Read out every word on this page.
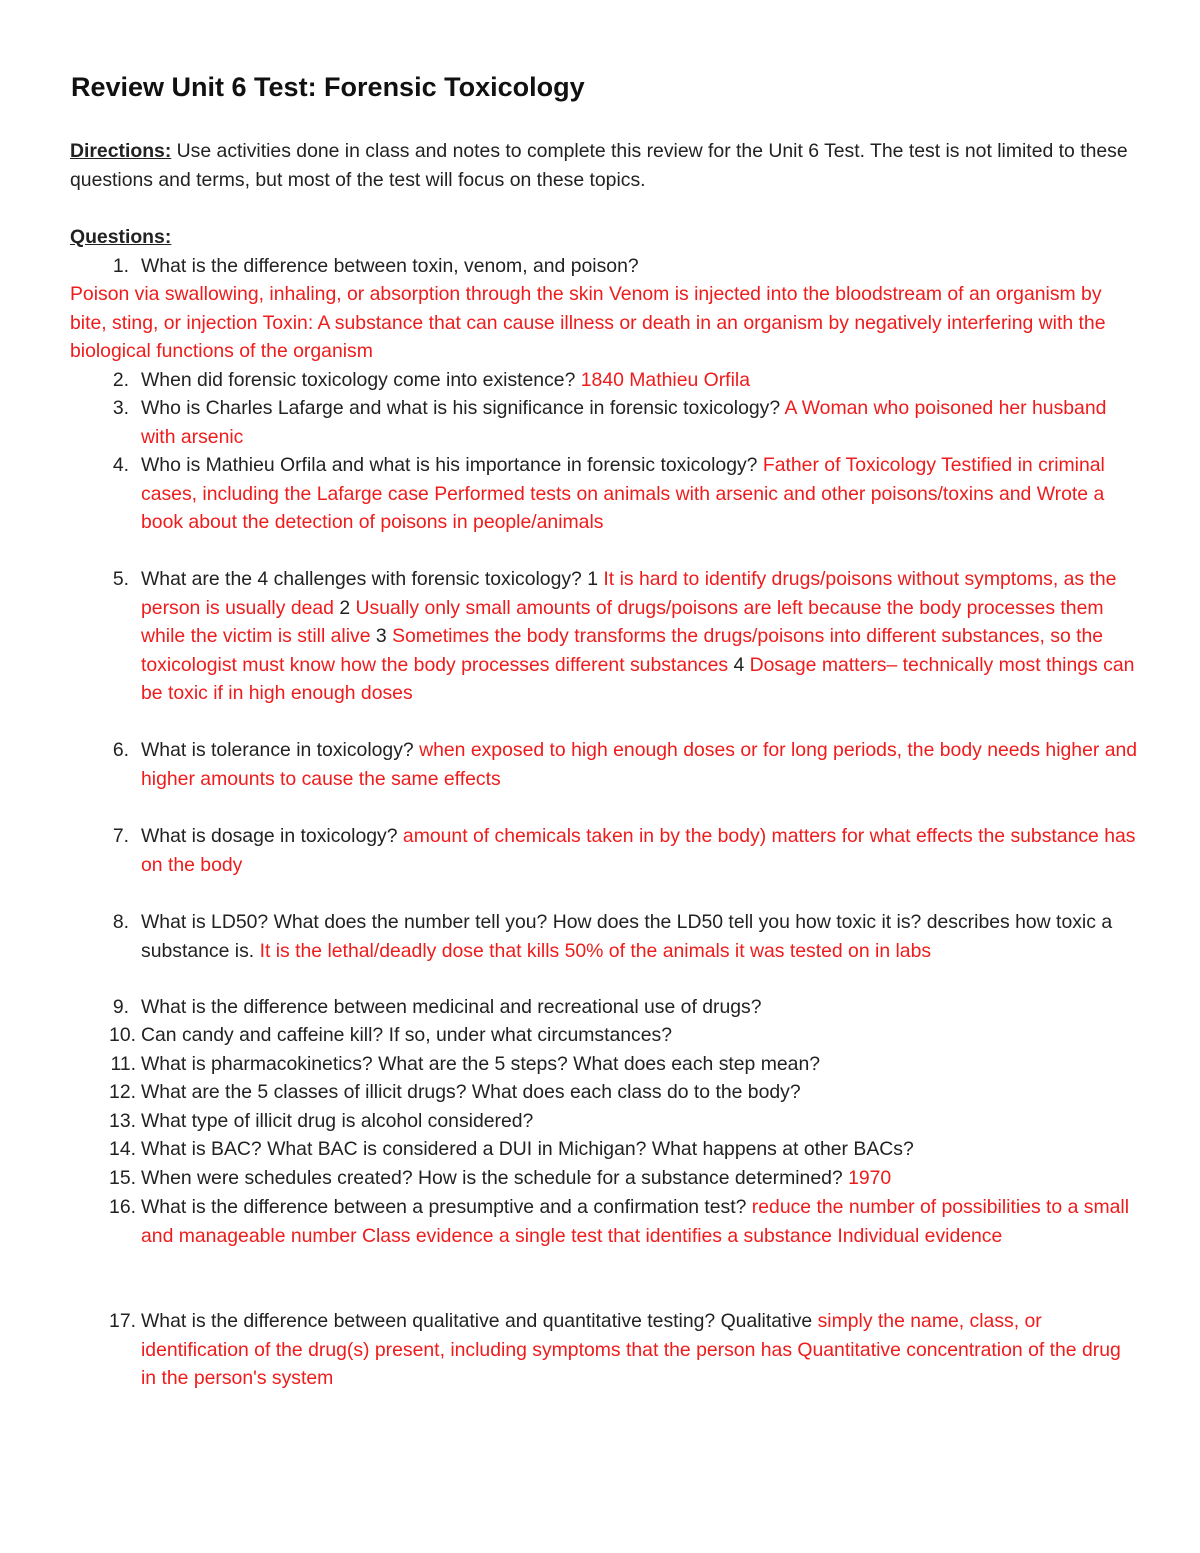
Review Unit 6 Test: Forensic Toxicology

Directions: Use activities done in class and notes to complete this review for the Unit 6 Test. The test is not limited to these questions and terms, but most of the test will focus on these topics.

Questions:

1. What is the difference between toxin, venom, and poison?

Poison via swallowing, inhaling, or absorption through the skin Venom is injected into the bloodstream of an organism by bite, sting, or injection Toxin: A substance that can cause illness or death in an organism by negatively interfering with the biological functions of the organism

2. When did forensic toxicology come into existence? 1840 Mathieu Orfila
3. Who is Charles Lafarge and what is his significance in forensic toxicology? A Woman who poisoned her husband with arsenic
4. Who is Mathieu Orfila and what is his importance in forensic toxicology? Father of Toxicology Testified in criminal cases, including the Lafarge case Performed tests on animals with arsenic and other poisons/toxins and Wrote a book about the detection of poisons in people/animals
5. What are the 4 challenges with forensic toxicology? 1 It is hard to identify drugs/poisons without symptoms, as the person is usually dead 2 Usually only small amounts of drugs/poisons are left because the body processes them while the victim is still alive 3 Sometimes the body transforms the drugs/poisons into different substances, so the toxicologist must know how the body processes different substances 4 Dosage matters– technically most things can be toxic if in high enough doses
6. What is tolerance in toxicology? when exposed to high enough doses or for long periods, the body needs higher and higher amounts to cause the same effects
7. What is dosage in toxicology? amount of chemicals taken in by the body) matters for what effects the substance has on the body
8. What is LD50? What does the number tell you? How does the LD50 tell you how toxic it is? describes how toxic a substance is. It is the lethal/deadly dose that kills 50% of the animals it was tested on in labs
9. What is the difference between medicinal and recreational use of drugs?
10. Can candy and caffeine kill? If so, under what circumstances?
11. What is pharmacokinetics? What are the 5 steps? What does each step mean?
12. What are the 5 classes of illicit drugs? What does each class do to the body?
13. What type of illicit drug is alcohol considered?
14. What is BAC? What BAC is considered a DUI in Michigan? What happens at other BACs?
15. When were schedules created? How is the schedule for a substance determined? 1970
16. What is the difference between a presumptive and a confirmation test? reduce the number of possibilities to a small and manageable number Class evidence a single test that identifies a substance Individual evidence
17. What is the difference between qualitative and quantitative testing? Qualitative simply the name, class, or identification of the drug(s) present, including symptoms that the person has Quantitative concentration of the drug in the person's system
